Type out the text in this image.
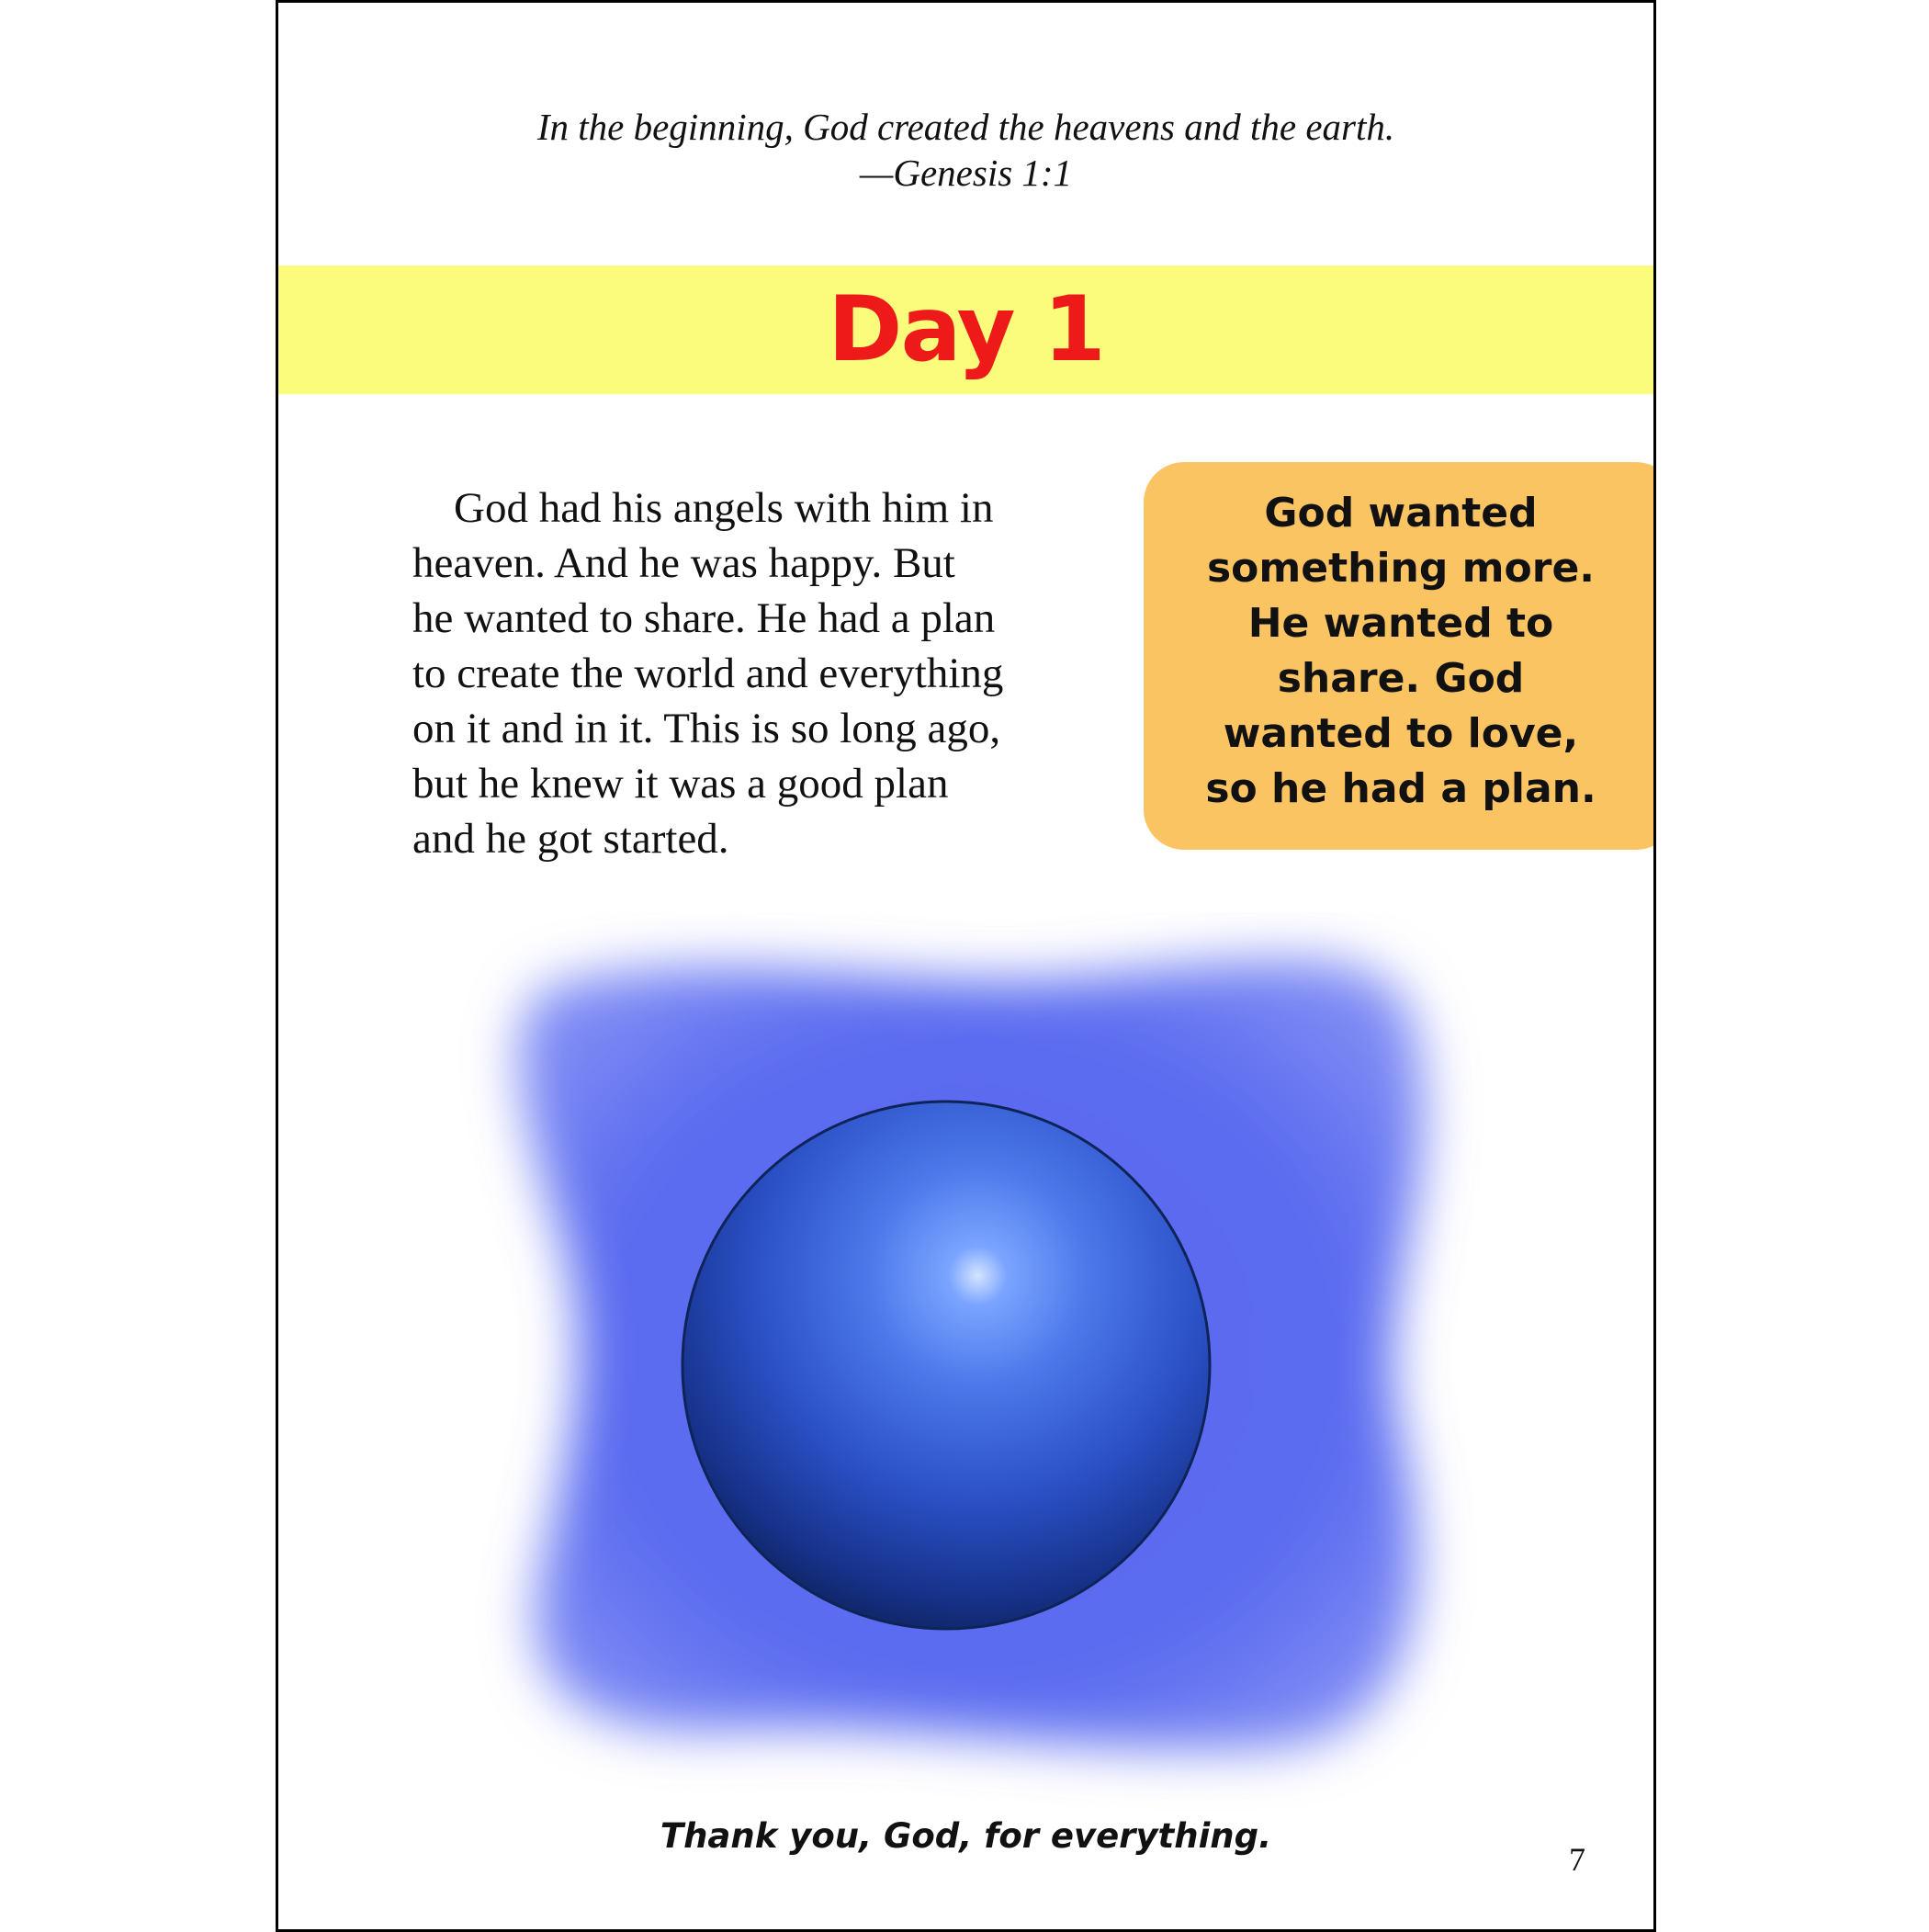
In the beginning, God created the heavens and the earth.
—Genesis 1:1
Day 1
God had his angels with him in
heaven. And he was happy. But
he wanted to share. He had a plan
to create the world and everything
on it and in it. This is so long ago,
but he knew it was a good plan
and he got started.
God wanted
something more.
He wanted to
share. God
wanted to love,
so he had a plan.
Thank you, God, for everything.
7
